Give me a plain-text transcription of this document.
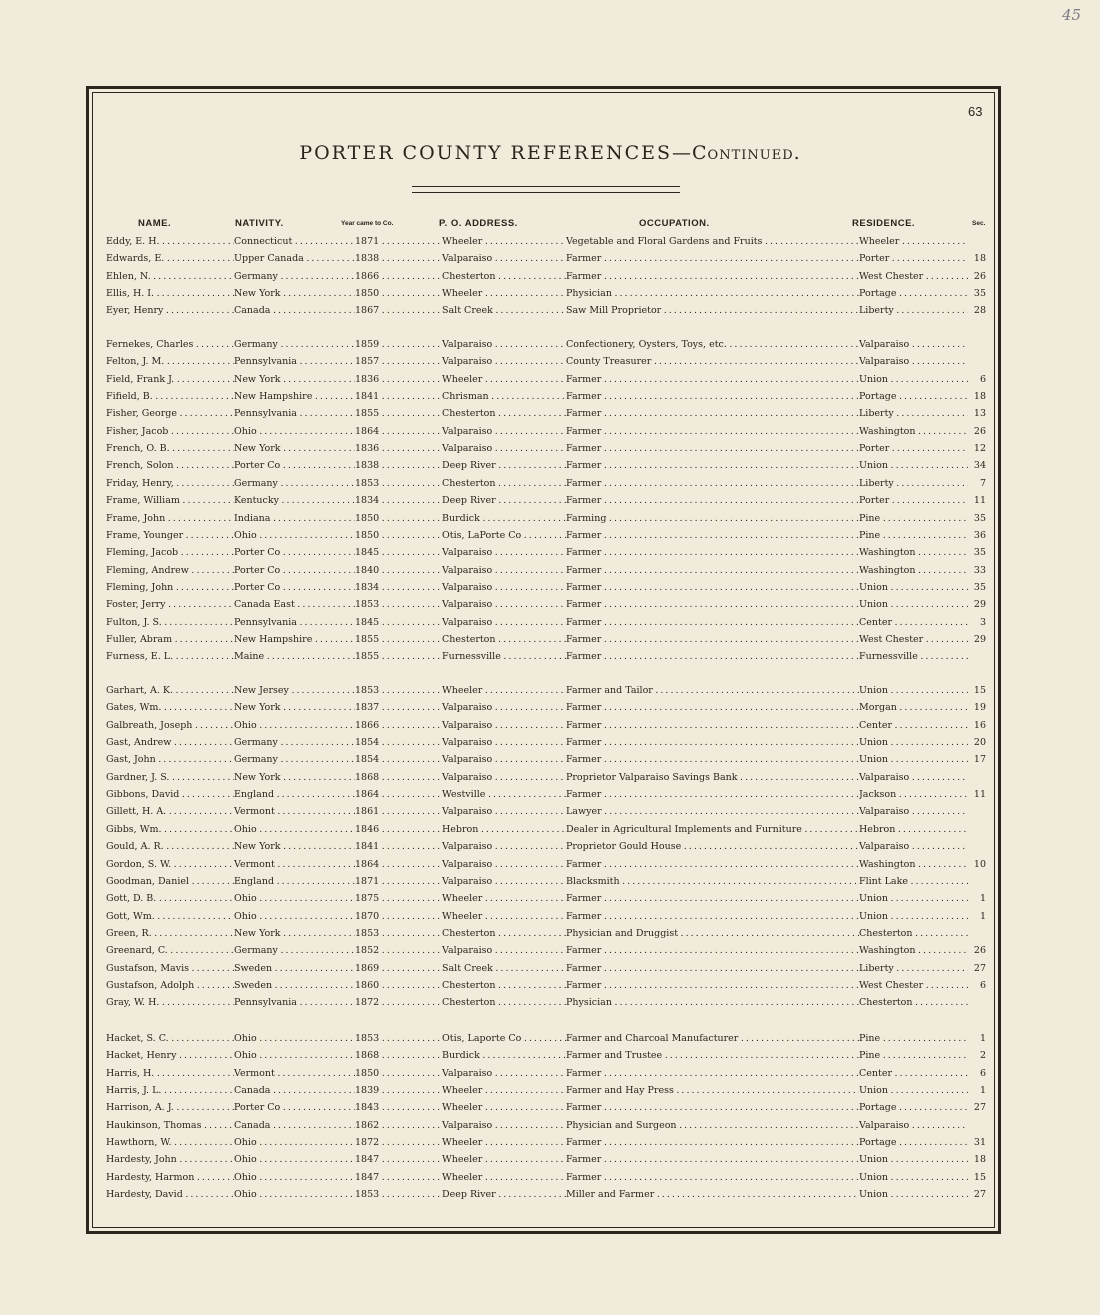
45
63
PORTER COUNTY REFERENCES—Continued.
NAME.	NATIVITY.	Year came to Co.	P. O. ADDRESS.	OCCUPATION.	RESIDENCE.	Sec.
Eddy, E. H. . . .	Connecticut . . .	1871 . . .	Wheeler . . .	Vegetable and Floral Gardens and Fruits . . .	Wheeler . . .
Edwards, E. . . .	Upper Canada . . .	1838 . . .	Valparaiso . . .	Farmer . . .	Porter . . .	18
Ehlen, N. . . .	Germany . . .	1866 . . .	Chesterton . . .	Farmer . . .	West Chester . . .	26
Ellis, H. I. . . .	New York . . .	1850 . . .	Wheeler . . .	Physician . . .	Portage . . .	35
Eyer, Henry . . .	Canada . . .	1867 . . .	Salt Creek . . .	Saw Mill Proprietor . . .	Liberty . . .	28
Fernekes, Charles . . .	Germany . . .	1859 . . .	Valparaiso . . .	Confectionery, Oysters, Toys, etc. . . .	Valparaiso . . .
Felton, J. M. . . .	Pennsylvania . . .	1857 . . .	Valparaiso . . .	County Treasurer . . .	Valparaiso . . .
Field, Frank J. . . .	New York . . .	1836 . . .	Wheeler . . .	Farmer . . .	Union . . .	6
Fifield, B. . . .	New Hampshire . . .	1841 . . .	Chrisman . . .	Farmer . . .	Portage . . .	18
Fisher, George . . .	Pennsylvania . . .	1855 . . .	Chesterton . . .	Farmer . . .	Liberty . . .	13
Fisher, Jacob . . .	Ohio . . .	1864 . . .	Valparaiso . . .	Farmer . . .	Washington . . .	26
French, O. B. . . .	New York . . .	1836 . . .	Valparaiso . . .	Farmer . . .	Porter . . .	12
French, Solon . . .	Porter Co . . .	1838 . . .	Deep River . . .	Farmer . . .	Union . . .	34
Friday, Henry, . . .	Germany . . .	1853 . . .	Chesterton . . .	Farmer . . .	Liberty . . .	7
Frame, William . . .	Kentucky . . .	1834 . . .	Deep River . . .	Farmer . . .	Porter . . .	11
Frame, John . . .	Indiana . . .	1850 . . .	Burdick . . .	Farming . . .	Pine . . .	35
Frame, Younger . . .	Ohio . . .	1850 . . .	Otis, LaPorte Co . . .	Farmer . . .	Pine . . .	36
Fleming, Jacob . . .	Porter Co . . .	1845 . . .	Valparaiso . . .	Farmer . . .	Washington . . .	35
Fleming, Andrew . . .	Porter Co . . .	1840 . . .	Valparaiso . . .	Farmer . . .	Washington . . .	33
Fleming, John . . .	Porter Co . . .	1834 . . .	Valparaiso . . .	Farmer . . .	Union . . .	35
Foster, Jerry . . .	Canada East . . .	1853 . . .	Valparaiso . . .	Farmer . . .	Union . . .	29
Fulton, J. S. . . .	Pennsylvania . . .	1845 . . .	Valparaiso . . .	Farmer . . .	Center . . .	3
Fuller, Abram . . .	New Hampshire . . .	1855 . . .	Chesterton . . .	Farmer . . .	West Chester . . .	29
Furness, E. L. . . .	Maine . . .	1855 . . .	Furnessville . . .	Farmer . . .	Furnessville . . .
Garhart, A. K. . . .	New Jersey . . .	1853 . . .	Wheeler . . .	Farmer and Tailor . . .	Union . . .	15
Gates, Wm. . . .	New York . . .	1837 . . .	Valparaiso . . .	Farmer . . .	Morgan . . .	19
Galbreath, Joseph . . .	Ohio . . .	1866 . . .	Valparaiso . . .	Farmer . . .	Center . . .	16
Gast, Andrew . . .	Germany . . .	1854 . . .	Valparaiso . . .	Farmer . . .	Union . . .	20
Gast, John . . .	Germany . . .	1854 . . .	Valparaiso . . .	Farmer . . .	Union . . .	17
Gardner, J. S. . . .	New York . . .	1868 . . .	Valparaiso . . .	Proprietor Valparaiso Savings Bank . . .	Valparaiso . . .
Gibbons, David . . .	England . . .	1864 . . .	Westville . . .	Farmer . . .	Jackson . . .	11
Gillett, H. A. . . .	Vermont . . .	1861 . . .	Valparaiso . . .	Lawyer . . .	Valparaiso . . .
Gibbs, Wm. . . .	Ohio . . .	1846 . . .	Hebron . . .	Dealer in Agricultural Implements and Furniture . . .	Hebron . . .
Gould, A. R. . . .	New York . . .	1841 . . .	Valparaiso . . .	Proprietor Gould House . . .	Valparaiso . . .
Gordon, S. W. . . .	Vermont . . .	1864 . . .	Valparaiso . . .	Farmer . . .	Washington . . .	10
Goodman, Daniel . . .	England . . .	1871 . . .	Valparaiso . . .	Blacksmith . . .	Flint Lake . . .
Gott, D. B. . . .	Ohio . . .	1875 . . .	Wheeler . . .	Farmer . . .	Union . . .	1
Gott, Wm. . . .	Ohio . . .	1870 . . .	Wheeler . . .	Farmer . . .	Union . . .	1
Green, R. . . .	New York . . .	1853 . . .	Chesterton . . .	Physician and Druggist . . .	Chesterton . . .
Greenard, C. . . .	Germany . . .	1852 . . .	Valparaiso . . .	Farmer . . .	Washington . . .	26
Gustafson, Mavis . . .	Sweden . . .	1869 . . .	Salt Creek . . .	Farmer . . .	Liberty . . .	27
Gustafson, Adolph . . .	Sweden . . .	1860 . . .	Chesterton . . .	Farmer . . .	West Chester . . .	6
Gray, W. H. . . .	Pennsylvania . . .	1872 . . .	Chesterton . . .	Physician . . .	Chesterton . . .
Hacket, S. C. . . .	Ohio . . .	1853 . . .	Otis, Laporte Co . . .	Farmer and Charcoal Manufacturer . . .	Pine . . .	1
Hacket, Henry . . .	Ohio . . .	1868 . . .	Burdick . . .	Farmer and Trustee . . .	Pine . . .	2
Harris, H. . . .	Vermont . . .	1850 . . .	Valparaiso . . .	Farmer . . .	Center . . .	6
Harris, J. L. . . .	Canada . . .	1839 . . .	Wheeler . . .	Farmer and Hay Press . . .	Union . . .	1
Harrison, A. J. . . .	Porter Co . . .	1843 . . .	Wheeler . . .	Farmer . . .	Portage . . .	27
Haukinson, Thomas . . .	Canada . . .	1862 . . .	Valparaiso . . .	Physician and Surgeon . . .	Valparaiso . . .
Hawthorn, W. . . .	Ohio . . .	1872 . . .	Wheeler . . .	Farmer . . .	Portage . . .	31
Hardesty, John . . .	Ohio . . .	1847 . . .	Wheeler . . .	Farmer . . .	Union . . .	18
Hardesty, Harmon . . .	Ohio . . .	1847 . . .	Wheeler . . .	Farmer . . .	Union . . .	15
Hardesty, David . . .	Ohio . . .	1853 . . .	Deep River . . .	Miller and Farmer . . .	Union . . .	27
